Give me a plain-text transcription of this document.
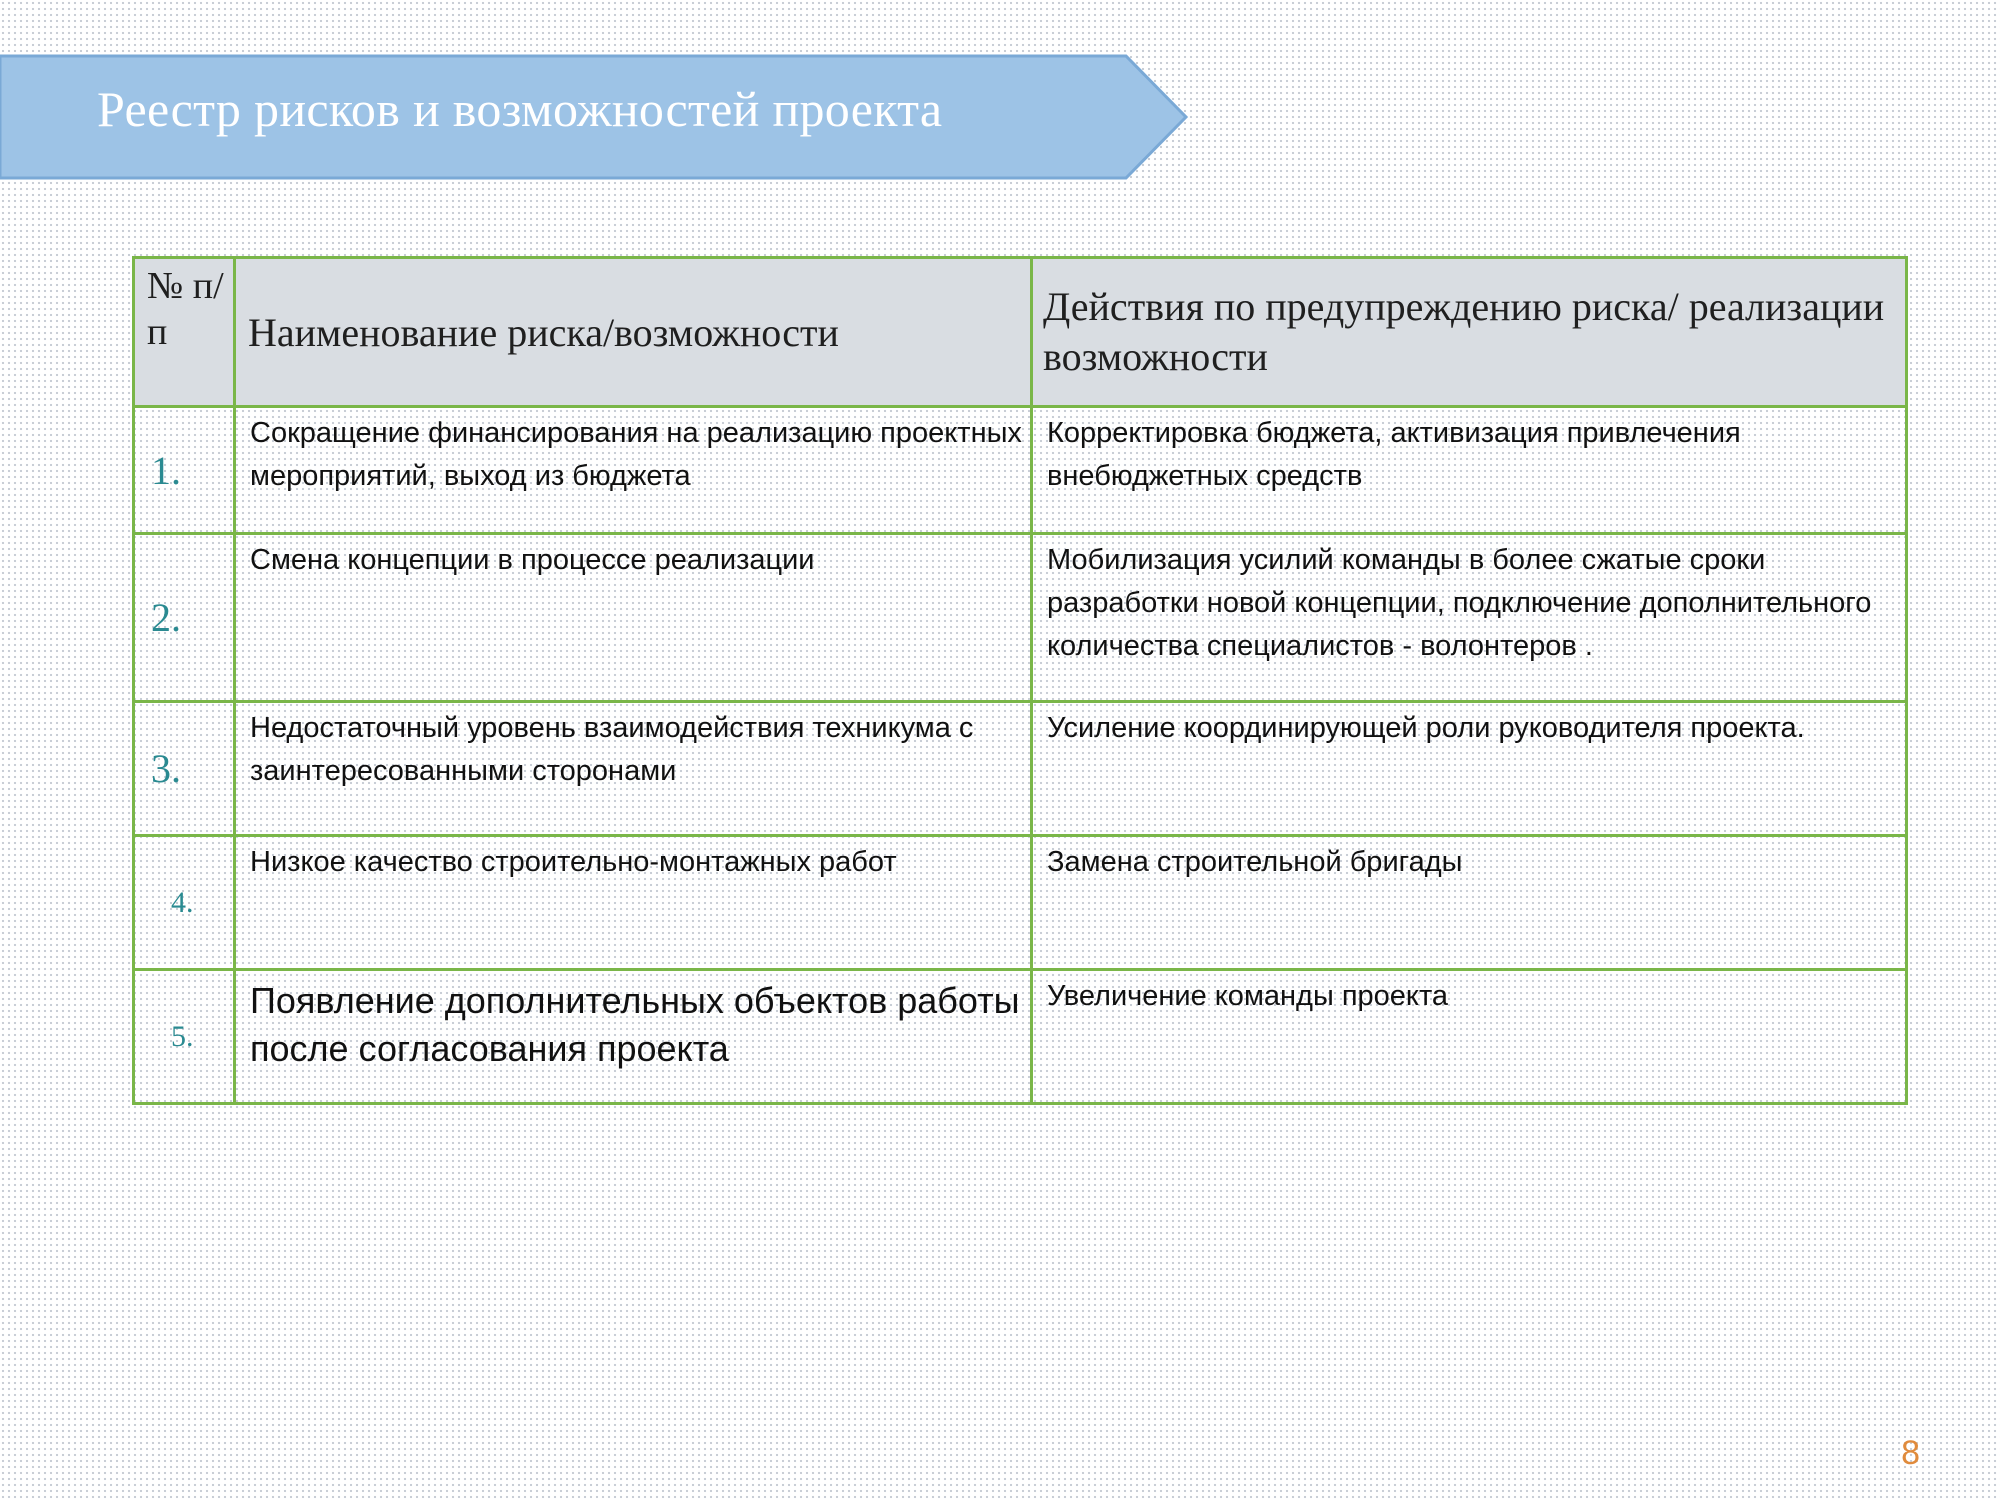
Реестр рисков и возможностей проекта
№ п/п	Наименование риска/возможности	Действия по предупреждению риска/ реализации возможности
1.	Сокращение финансирования на реализацию проектных мероприятий, выход из бюджета	Корректировка бюджета, активизация привлечения внебюджетных средств
2.	Смена концепции в процессе реализации	Мобилизация усилий команды в более сжатые сроки разработки новой концепции, подключение дополнительного количества специалистов - волонтеров .
3.	Недостаточный уровень взаимодействия техникума с заинтересованными сторонами	Усиление координирующей роли руководителя проекта.
4.	Низкое качество строительно-монтажных работ	Замена строительной бригады
5.	Появление дополнительных объектов работы после согласования проекта	Увеличение команды проекта
8
